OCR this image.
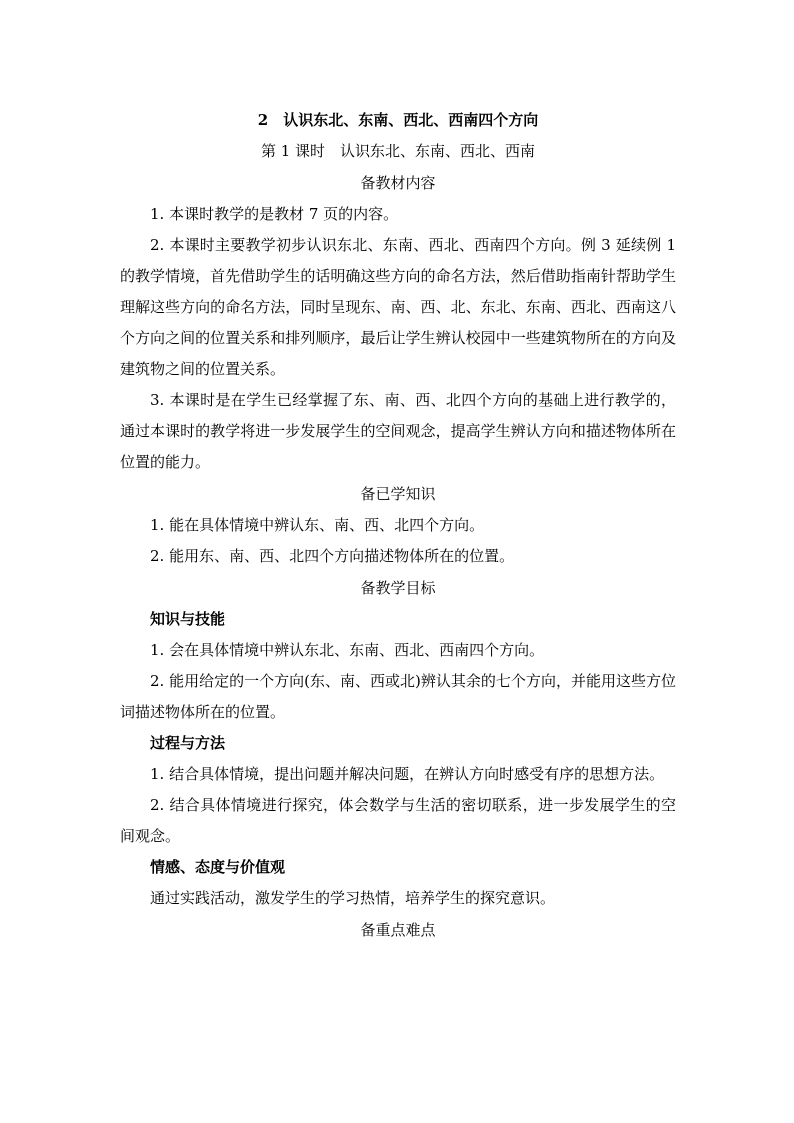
2　认识东北、东南、西北、西南四个方向
第 1 课时　认识东北、东南、西北、西南
备教材内容

1. 本课时教学的是教材 7 页的内容。

2. 本课时主要教学初步认识东北、东南、西北、西南四个方向。例 3 延续例 1 的教学情境，首先借助学生的话明确这些方向的命名方法，然后借助指南针帮助学生理解这些方向的命名方法，同时呈现东、南、西、北、东北、东南、西北、西南这八个方向之间的位置关系和排列顺序，最后让学生辨认校园中一些建筑物所在的方向及建筑物之间的位置关系。

3. 本课时是在学生已经掌握了东、南、西、北四个方向的基础上进行教学的，通过本课时的教学将进一步发展学生的空间观念，提高学生辨认方向和描述物体所在位置的能力。

备已学知识

1. 能在具体情境中辨认东、南、西、北四个方向。

2. 能用东、南、西、北四个方向描述物体所在的位置。

备教学目标

知识与技能

1. 会在具体情境中辨认东北、东南、西北、西南四个方向。

2. 能用给定的一个方向(东、南、西或北)辨认其余的七个方向，并能用这些方位词描述物体所在的位置。

过程与方法

1. 结合具体情境，提出问题并解决问题，在辨认方向时感受有序的思想方法。

2. 结合具体情境进行探究，体会数学与生活的密切联系，进一步发展学生的空间观念。

情感、态度与价值观

通过实践活动，激发学生的学习热情，培养学生的探究意识。

备重点难点
